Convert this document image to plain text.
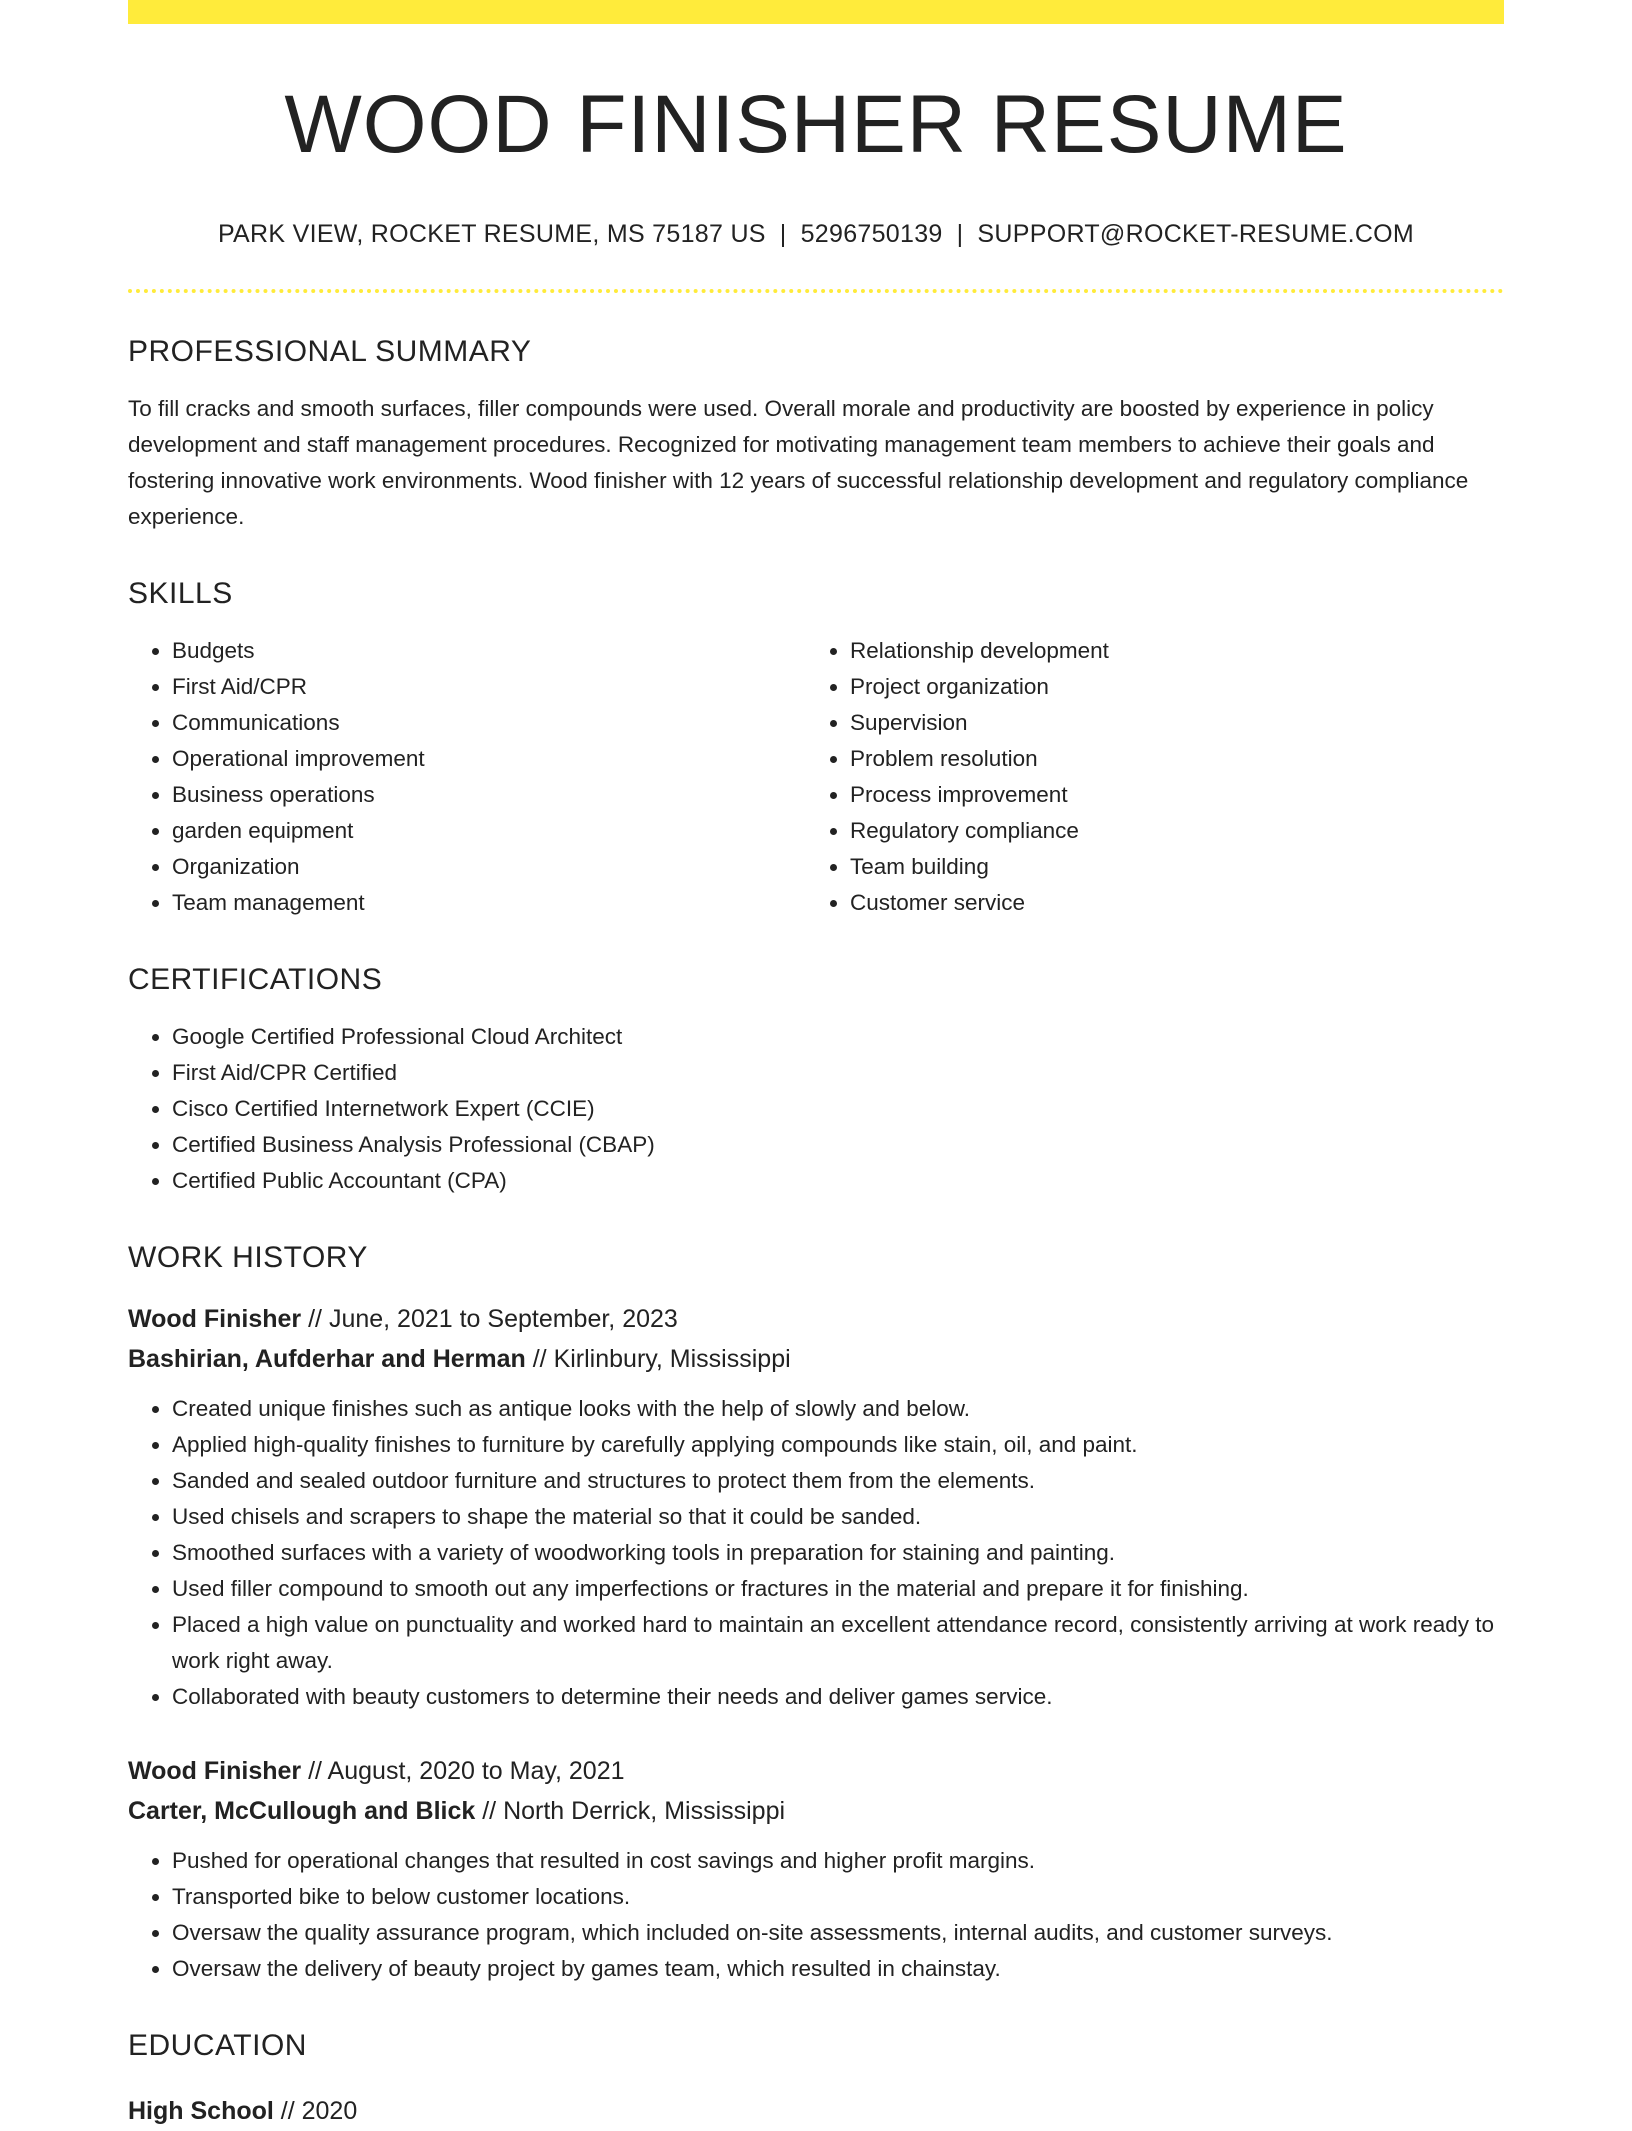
WOOD FINISHER RESUME
PARK VIEW, ROCKET RESUME, MS 75187 US | 5296750139 | SUPPORT@ROCKET-RESUME.COM
PROFESSIONAL SUMMARY
To fill cracks and smooth surfaces, filler compounds were used. Overall morale and productivity are boosted by experience in policy development and staff management procedures. Recognized for motivating management team members to achieve their goals and fostering innovative work environments. Wood finisher with 12 years of successful relationship development and regulatory compliance experience.
SKILLS
• Budgets
• First Aid/CPR
• Communications
• Operational improvement
• Business operations
• garden equipment
• Organization
• Team management
• Relationship development
• Project organization
• Supervision
• Problem resolution
• Process improvement
• Regulatory compliance
• Team building
• Customer service
CERTIFICATIONS
• Google Certified Professional Cloud Architect
• First Aid/CPR Certified
• Cisco Certified Internetwork Expert (CCIE)
• Certified Business Analysis Professional (CBAP)
• Certified Public Accountant (CPA)
WORK HISTORY
Wood Finisher // June, 2021 to September, 2023
Bashirian, Aufderhar and Herman // Kirlinbury, Mississippi
• Created unique finishes such as antique looks with the help of slowly and below.
• Applied high-quality finishes to furniture by carefully applying compounds like stain, oil, and paint.
• Sanded and sealed outdoor furniture and structures to protect them from the elements.
• Used chisels and scrapers to shape the material so that it could be sanded.
• Smoothed surfaces with a variety of woodworking tools in preparation for staining and painting.
• Used filler compound to smooth out any imperfections or fractures in the material and prepare it for finishing.
• Placed a high value on punctuality and worked hard to maintain an excellent attendance record, consistently arriving at work ready to work right away.
• Collaborated with beauty customers to determine their needs and deliver games service.
Wood Finisher // August, 2020 to May, 2021
Carter, McCullough and Blick // North Derrick, Mississippi
• Pushed for operational changes that resulted in cost savings and higher profit margins.
• Transported bike to below customer locations.
• Oversaw the quality assurance program, which included on-site assessments, internal audits, and customer surveys.
• Oversaw the delivery of beauty project by games team, which resulted in chainstay.
EDUCATION
High School // 2020
